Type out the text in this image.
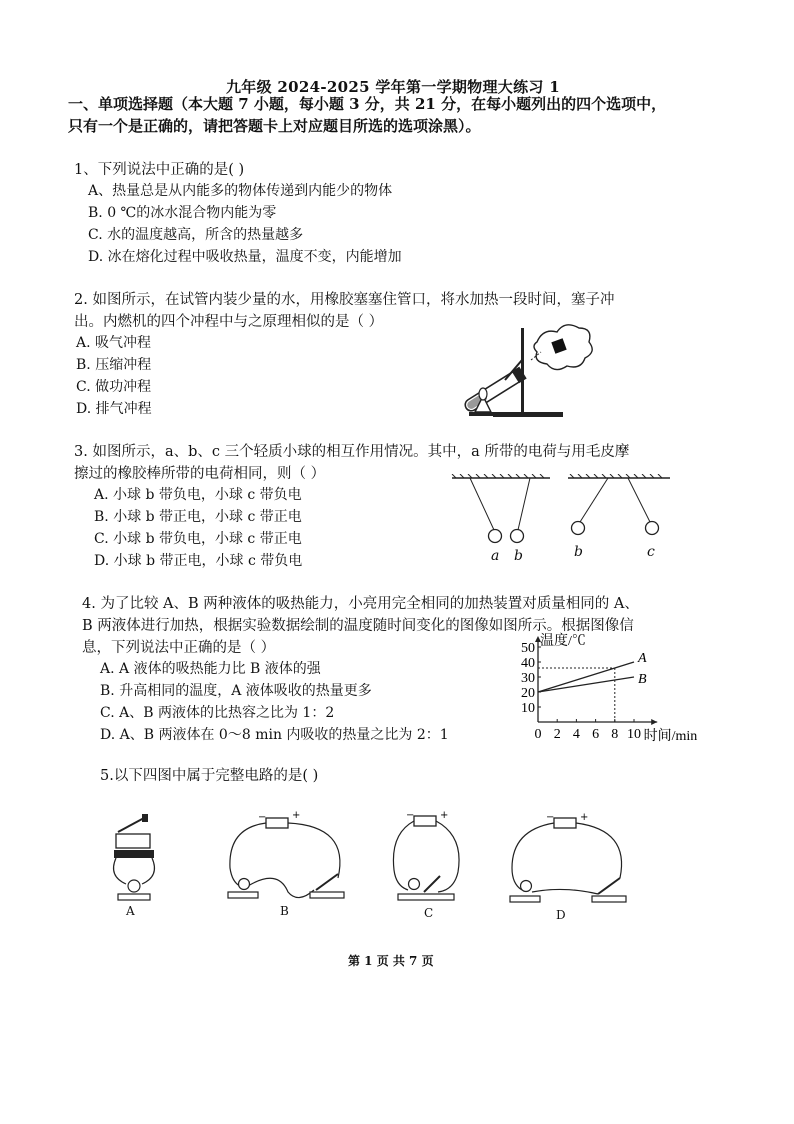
九年级 2024-2025 学年第一学期物理大练习 1
一、单项选择题（本大题 7 小题，每小题 3 分，共 21 分，在每小题列出的四个选项中，
只有一个是正确的，请把答题卡上对应题目所选的选项涂黑）。
1、下列说法中正确的是( )
A、热量总是从内能多的物体传递到内能少的物体
B. 0 ℃的冰水混合物内能为零
C. 水的温度越高，所含的热量越多
D. 冰在熔化过程中吸收热量，温度不变，内能增加
2. 如图所示，在试管内装少量的水，用橡胶塞塞住管口，将水加热一段时间，塞子冲
出。内燃机的四个冲程中与之原理相似的是（ ）
A. 吸气冲程
B. 压缩冲程
C. 做功冲程
D. 排气冲程
3. 如图所示，a、b、c 三个轻质小球的相互作用情况。其中，a 所带的电荷与用毛皮摩
擦过的橡胶棒所带的电荷相同，则（ ）
A. 小球 b 带负电，小球 c 带负电
B. 小球 b 带正电，小球 c 带正电
C. 小球 b 带负电，小球 c 带正电
D. 小球 b 带正电，小球 c 带负电	a b	b	c
4. 为了比较 A、B 两种液体的吸热能力，小亮用完全相同的加热装置对质量相同的 A、
B 两液体进行加热，根据实验数据绘制的温度随时间变化的图像如图所示。根据图像信
息，下列说法中正确的是（ ）
A. A 液体的吸热能力比 B 液体的强
B. 升高相同的温度，A 液体吸收的热量更多
C. A、B 两液体的比热容之比为 1：2
D. A、B 两液体在 0～8 min 内吸收的热量之比为 2：1
10
20
30
40
50
0 2 4 6 8 10
A
B
温度/℃
时间/min
5.以下四图中属于完整电路的是( )
A
−	+
B
−	+
C
−	+
D
第 1 页 共 7 页
